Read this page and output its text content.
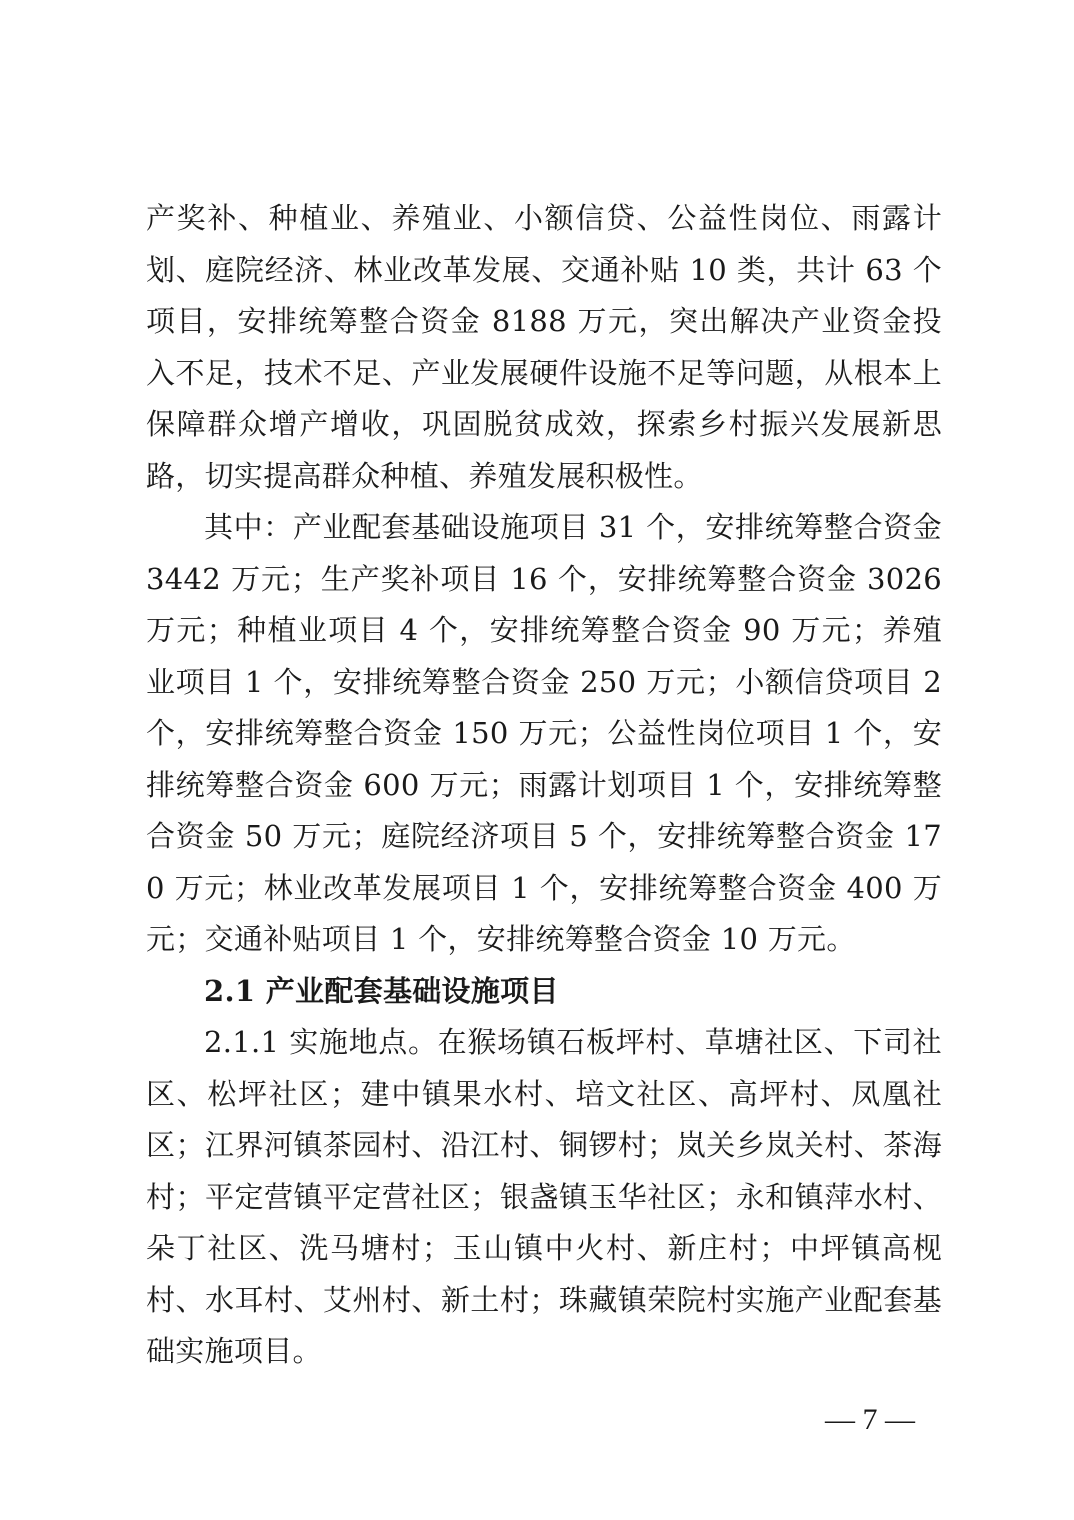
产奖补、种植业、养殖业、小额信贷、公益性岗位、雨露计划、庭院经济、林业改革发展、交通补贴 10 类，共计 63 个项目，安排统筹整合资金 8188 万元，突出解决产业资金投入不足，技术不足、产业发展硬件设施不足等问题，从根本上保障群众增产增收，巩固脱贫成效，探索乡村振兴发展新思路，切实提高群众种植、养殖发展积极性。

其中：产业配套基础设施项目 31 个，安排统筹整合资金 3442 万元；生产奖补项目 16 个，安排统筹整合资金 3026 万元；种植业项目 4 个，安排统筹整合资金 90 万元；养殖业项目 1 个，安排统筹整合资金 250 万元；小额信贷项目 2 个，安排统筹整合资金 150 万元；公益性岗位项目 1 个，安排统筹整合资金 600 万元；雨露计划项目 1 个，安排统筹整合资金 50 万元；庭院经济项目 5 个，安排统筹整合资金 170 万元；林业改革发展项目 1 个，安排统筹整合资金 400 万元；交通补贴项目 1 个，安排统筹整合资金 10 万元。

2.1 产业配套基础设施项目

2.1.1 实施地点。在猴场镇石板坪村、草塘社区、下司社区、松坪社区；建中镇果水村、培文社区、高坪村、凤凰社区；江界河镇茶园村、沿江村、铜锣村；岚关乡岚关村、茶海村；平定营镇平定营社区；银盏镇玉华社区；永和镇萍水村、朵丁社区、洗马塘村；玉山镇中火村、新庄村；中坪镇高枧村、水耳村、艾州村、新土村；珠藏镇荣院村实施产业配套基础实施项目。

— 7 —
